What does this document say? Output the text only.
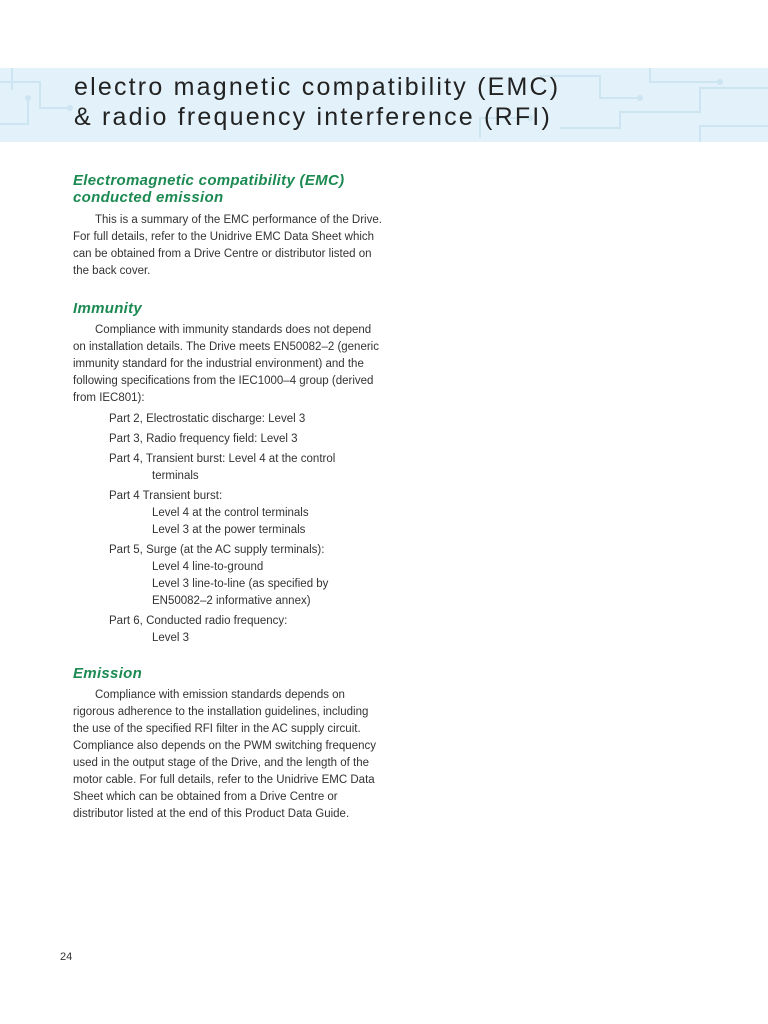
electro magnetic compatibility (EMC)
& radio frequency interference (RFI)
Electromagnetic compatibility (EMC)
conducted emission

This is a summary of the EMC performance of the Drive. For full details, refer to the Unidrive EMC Data Sheet which can be obtained from a Drive Centre or distributor listed on the back cover.

Immunity

Compliance with immunity standards does not depend on installation details. The Drive meets EN50082–2 (generic immunity standard for the industrial environment) and the following specifications from the IEC1000–4 group (derived from IEC801):

Part 2, Electrostatic discharge: Level 3
Part 3, Radio frequency field: Level 3
Part 4, Transient burst: Level 4 at the control
terminals
Part 4 Transient burst:
Level 4 at the control terminals
Level 3 at the power terminals
Part 5, Surge (at the AC supply terminals):
Level 4 line-to-ground
Level 3 line-to-line (as specified by
EN50082–2 informative annex)
Part 6, Conducted radio frequency:
Level 3
Emission

Compliance with emission standards depends on rigorous adherence to the installation guidelines, including the use of the specified RFI filter in the AC supply circuit. Compliance also depends on the PWM switching frequency used in the output stage of the Drive, and the length of the motor cable. For full details, refer to the Unidrive EMC Data Sheet which can be obtained from a Drive Centre or distributor listed at the end of this Product Data Guide.

24
